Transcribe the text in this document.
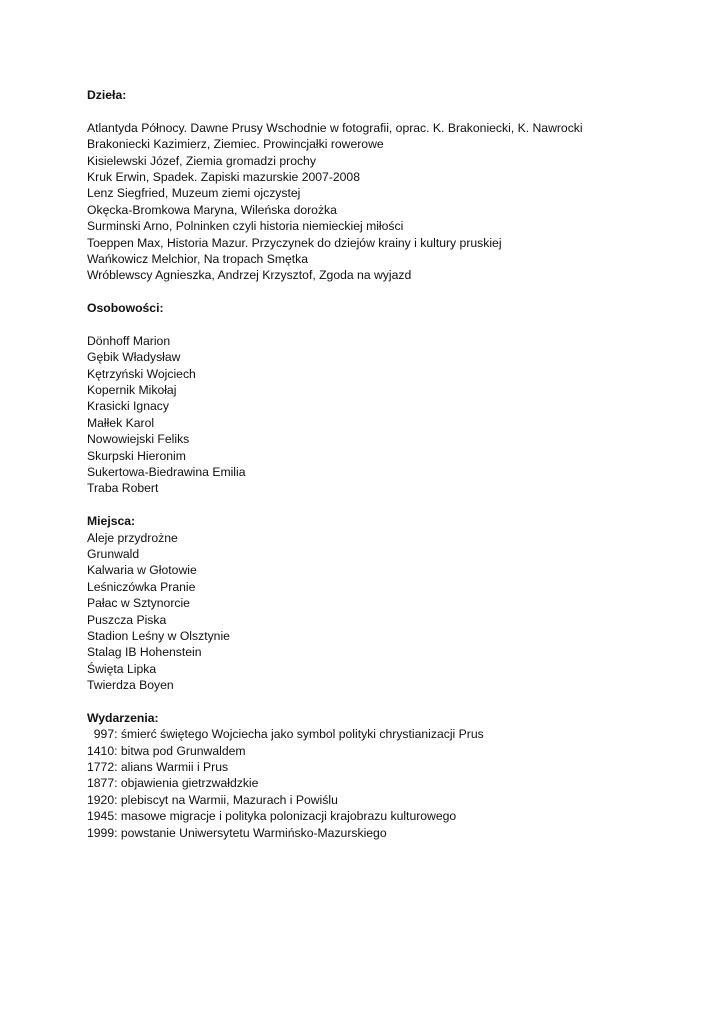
Dzieła:
Atlantyda Północy. Dawne Prusy Wschodnie w fotografii, oprac. K. Brakoniecki, K. Nawrocki
Brakoniecki Kazimierz, Ziemiec. Prowincjałki rowerowe
Kisielewski Józef, Ziemia gromadzi prochy
Kruk Erwin, Spadek. Zapiski mazurskie 2007-2008
Lenz Siegfried, Muzeum ziemi ojczystej
Okęcka-Bromkowa Maryna, Wileńska dorożka
Surminski Arno, Polninken czyli historia niemieckiej miłości
Toeppen Max, Historia Mazur. Przyczynek do dziejów krainy i kultury pruskiej
Wańkowicz Melchior, Na tropach Smętka
Wróblewscy Agnieszka, Andrzej Krzysztof, Zgoda na wyjazd
Osobowości:
Dönhoff Marion
Gębik Władysław
Kętrzyński Wojciech
Kopernik Mikołaj
Krasicki Ignacy
Małłek Karol
Nowowiejski Feliks
Skurpski Hieronim
Sukertowa-Biedrawina Emilia
Traba Robert
Miejsca:
Aleje przydrożne
Grunwald
Kalwaria w Głotowie
Leśniczówka Pranie
Pałac w Sztynorcie
Puszcza Piska
Stadion Leśny w Olsztynie
Stalag IB Hohenstein
Święta Lipka
Twierdza Boyen
Wydarzenia:
997: śmierć świętego Wojciecha jako symbol polityki chrystianizacji Prus
1410: bitwa pod Grunwaldem
1772: alians Warmii i Prus
1877: objawienia gietrzwałdzkie
1920: plebiscyt na Warmii, Mazurach i Powiślu
1945: masowe migracje i polityka polonizacji krajobrazu kulturowego
1999: powstanie Uniwersytetu Warmińsko-Mazurskiego
